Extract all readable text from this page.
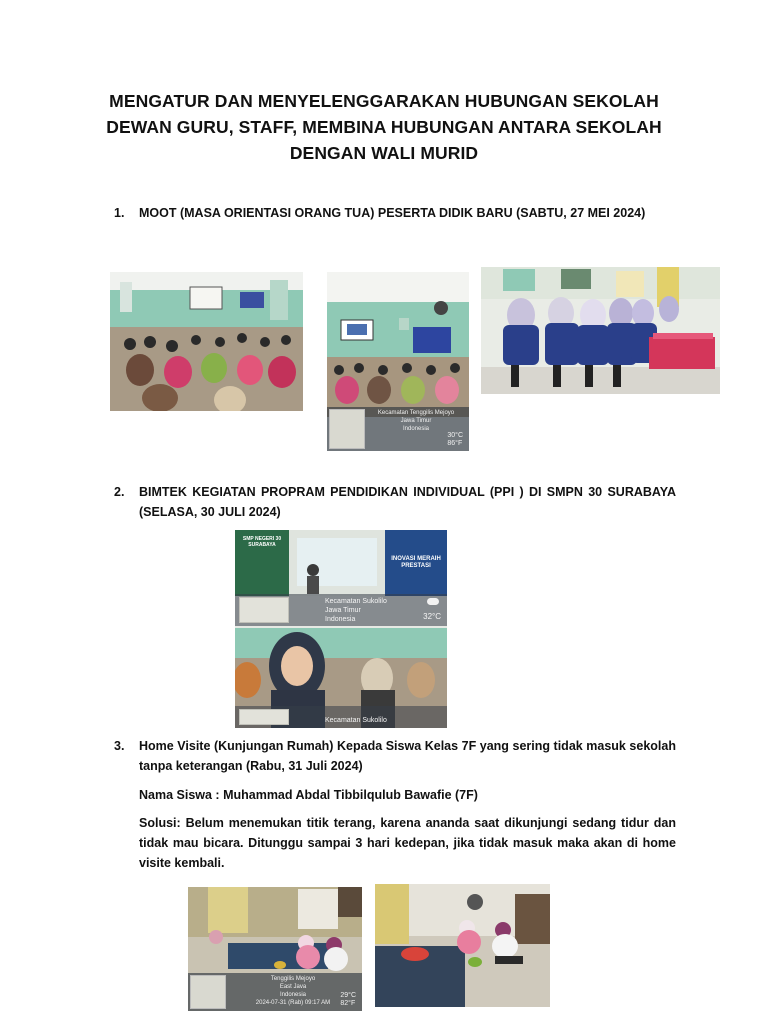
MENGATUR DAN MENYELENGGARAKAN HUBUNGAN SEKOLAH
DEWAN GURU, STAFF, MEMBINA HUBUNGAN ANTARA SEKOLAH
DENGAN WALI MURID
1.	MOOT (MASA ORIENTASI ORANG TUA) PESERTA DIDIK BARU (SABTU, 27 MEI 2024)
Kecamatan Tenggilis Mejoyo
Jawa Timur
Indonesia
30°C
86°F
2.	BIMTEK KEGIATAN PROPRAM PENDIDIKAN INDIVIDUAL (PPI ) DI SMPN 30 SURABAYA (SELASA, 30 JULI 2024)
SMP NEGERI 30 SURABAYA
INOVASI MERAIH PRESTASI
Kecamatan Sukolilo
Jawa Timur
Indonesia	32°C
Kecamatan Sukolilo
3.	Home Visite (Kunjungan Rumah) Kepada Siswa Kelas 7F yang sering tidak masuk sekolah tanpa keterangan (Rabu, 31 Juli 2024)
Nama Siswa : Muhammad Abdal Tibbilqulub Bawafie (7F)
Solusi: Belum menemukan titik terang, karena ananda saat dikunjungi sedang tidur dan tidak mau bicara. Ditunggu sampai 3 hari kedepan, jika tidak masuk maka akan di home visite kembali.
Tenggilis Mejoyo
East Java
Indonesia
2024-07-31 (Rab) 09:17 AM
29°C
82°F
